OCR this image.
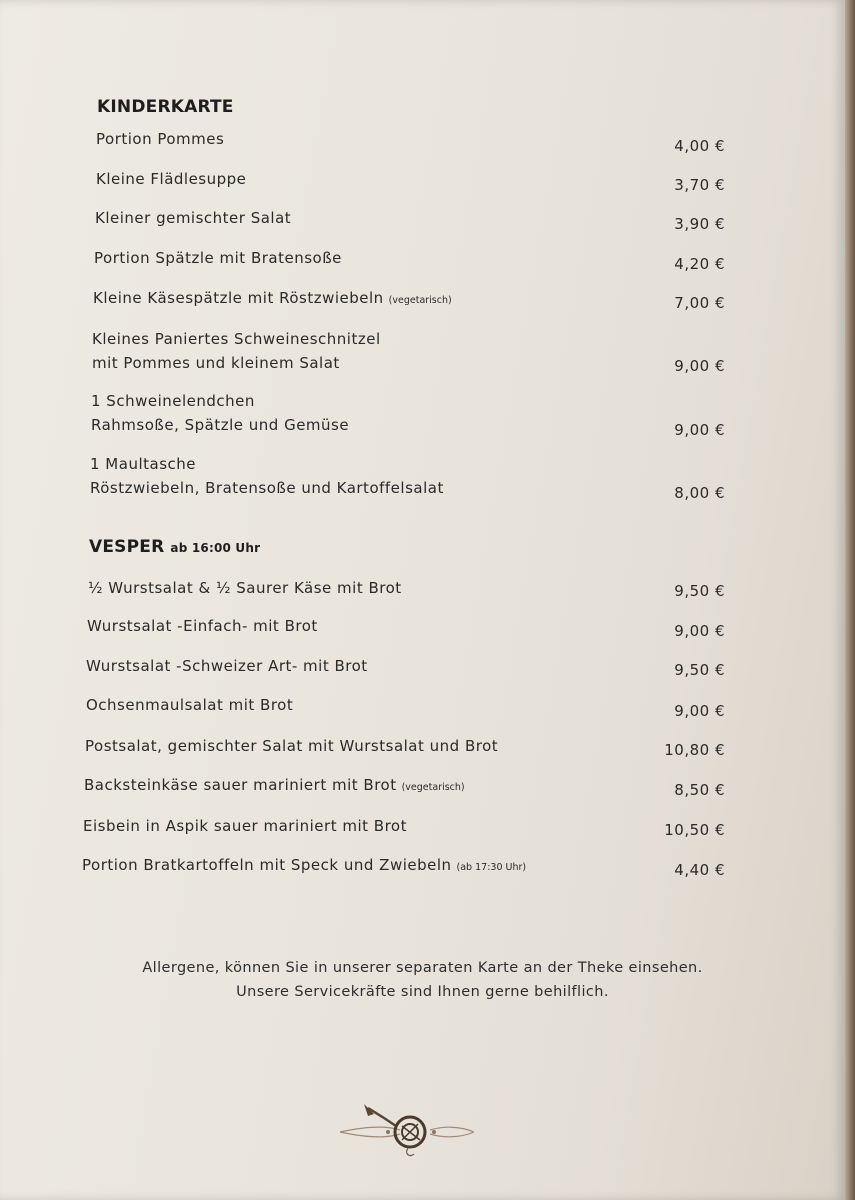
KINDERKARTE
Portion Pommes	4,00 €
Kleine Flädlesuppe	3,70 €
Kleiner gemischter Salat	3,90 €
Portion Spätzle mit Bratensoße	4,20 €
Kleine Käsespätzle mit Röstzwiebeln (vegetarisch)	7,00 €
Kleines Paniertes Schweineschnitzel
mit Pommes und kleinem Salat	9,00 €
1 Schweinelendchen
Rahmsoße, Spätzle und Gemüse	9,00 €
1 Maultasche
Röstzwiebeln, Bratensoße und Kartoffelsalat	8,00 €
VESPER ab 16:00 Uhr
½ Wurstsalat & ½ Saurer Käse mit Brot	9,50 €
Wurstsalat -Einfach- mit Brot	9,00 €
Wurstsalat -Schweizer Art- mit Brot	9,50 €
Ochsenmaulsalat mit Brot	9,00 €
Postsalat, gemischter Salat mit Wurstsalat und Brot	10,80 €
Backsteinkäse sauer mariniert mit Brot (vegetarisch)	8,50 €
Eisbein in Aspik sauer mariniert mit Brot	10,50 €
Portion Bratkartoffeln mit Speck und Zwiebeln (ab 17:30 Uhr)	4,40 €
Allergene, können Sie in unserer separaten Karte an der Theke einsehen.
Unsere Servicekräfte sind Ihnen gerne behilflich.
